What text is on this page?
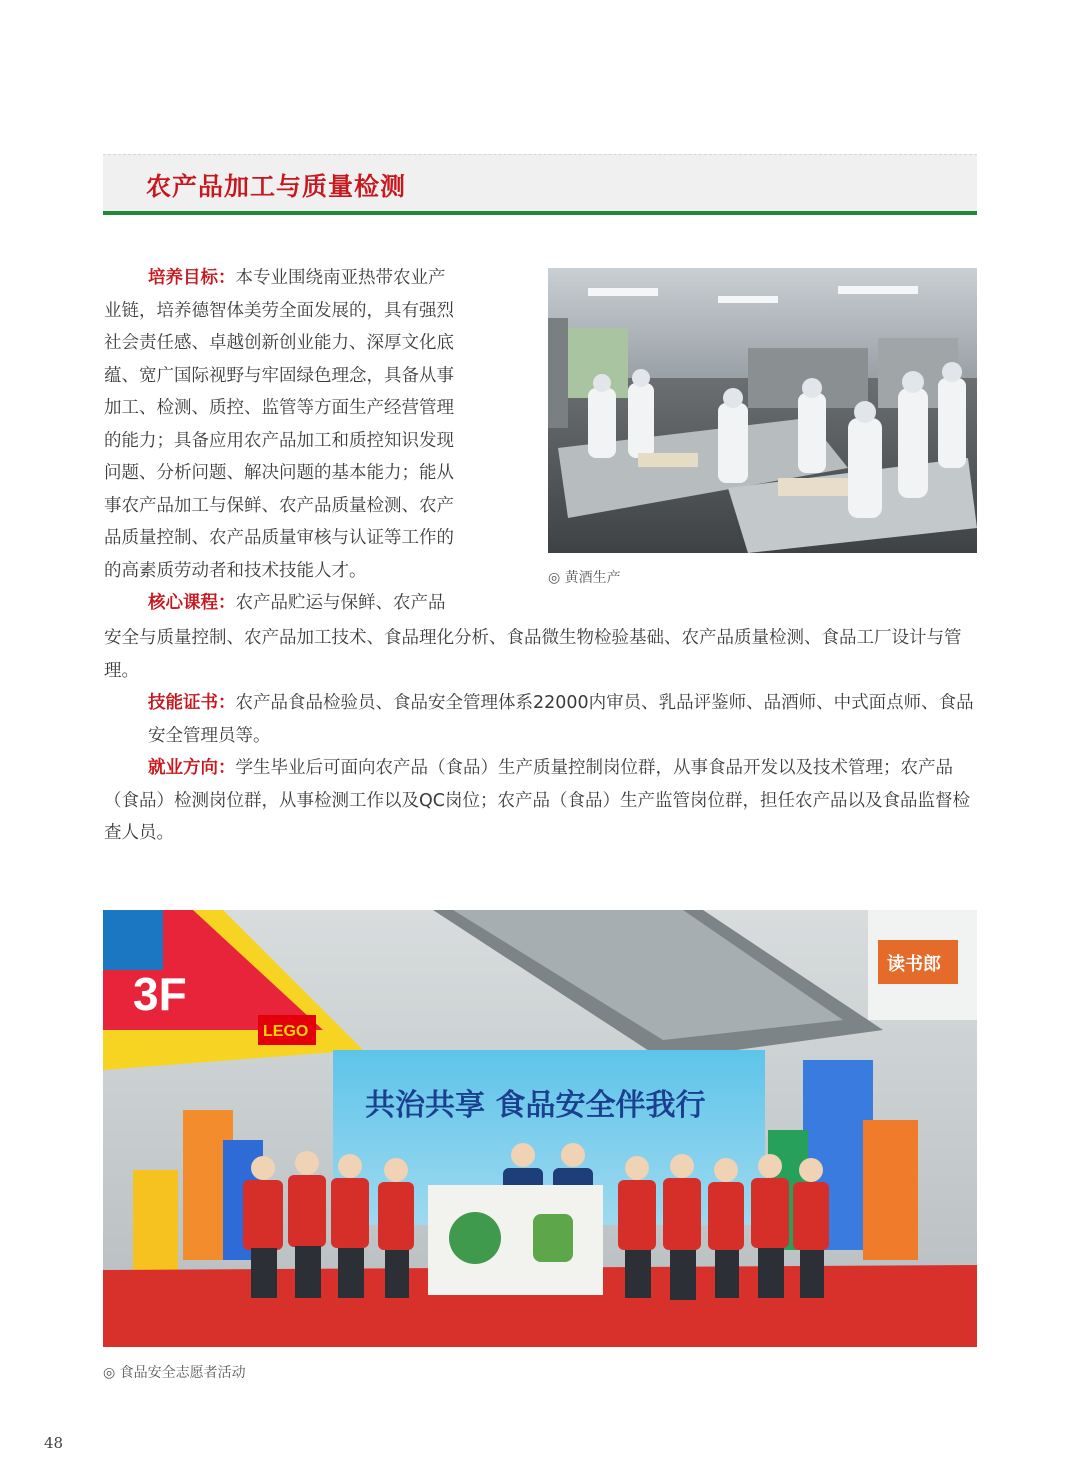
农产品加工与质量检测
培养目标：本专业围绕南亚热带农业产
业链，培养德智体美劳全面发展的，具有强烈
社会责任感、卓越创新创业能力、深厚文化底
蕴、宽广国际视野与牢固绿色理念，具备从事
加工、检测、质控、监管等方面生产经营管理
的能力；具备应用农产品加工和质控知识发现
问题、分析问题、解决问题的基本能力；能从
事农产品加工与保鲜、农产品质量检测、农产
品质量控制、农产品质量审核与认证等工作的
的高素质劳动者和技术技能人才。
核心课程：农产品贮运与保鲜、农产品
安全与质量控制、农产品加工技术、食品理化分析、食品微生物检验基础、农产品质量检测、食品工厂设计与管理。
技能证书：农产品食品检验员、食品安全管理体系22000内审员、乳品评鉴师、品酒师、中式面点师、食品安全管理员等。
就业方向：学生毕业后可面向农产品（食品）生产质量控制岗位群，从事食品开发以及技术管理；农产品（食品）检测岗位群，从事检测工作以及QC岗位；农产品（食品）生产监管岗位群，担任农产品以及食品监督检查人员。
◎ 黄酒生产
3F
LEGO
读书郎
共治共享 食品安全伴我行
◎ 食品安全志愿者活动
48
